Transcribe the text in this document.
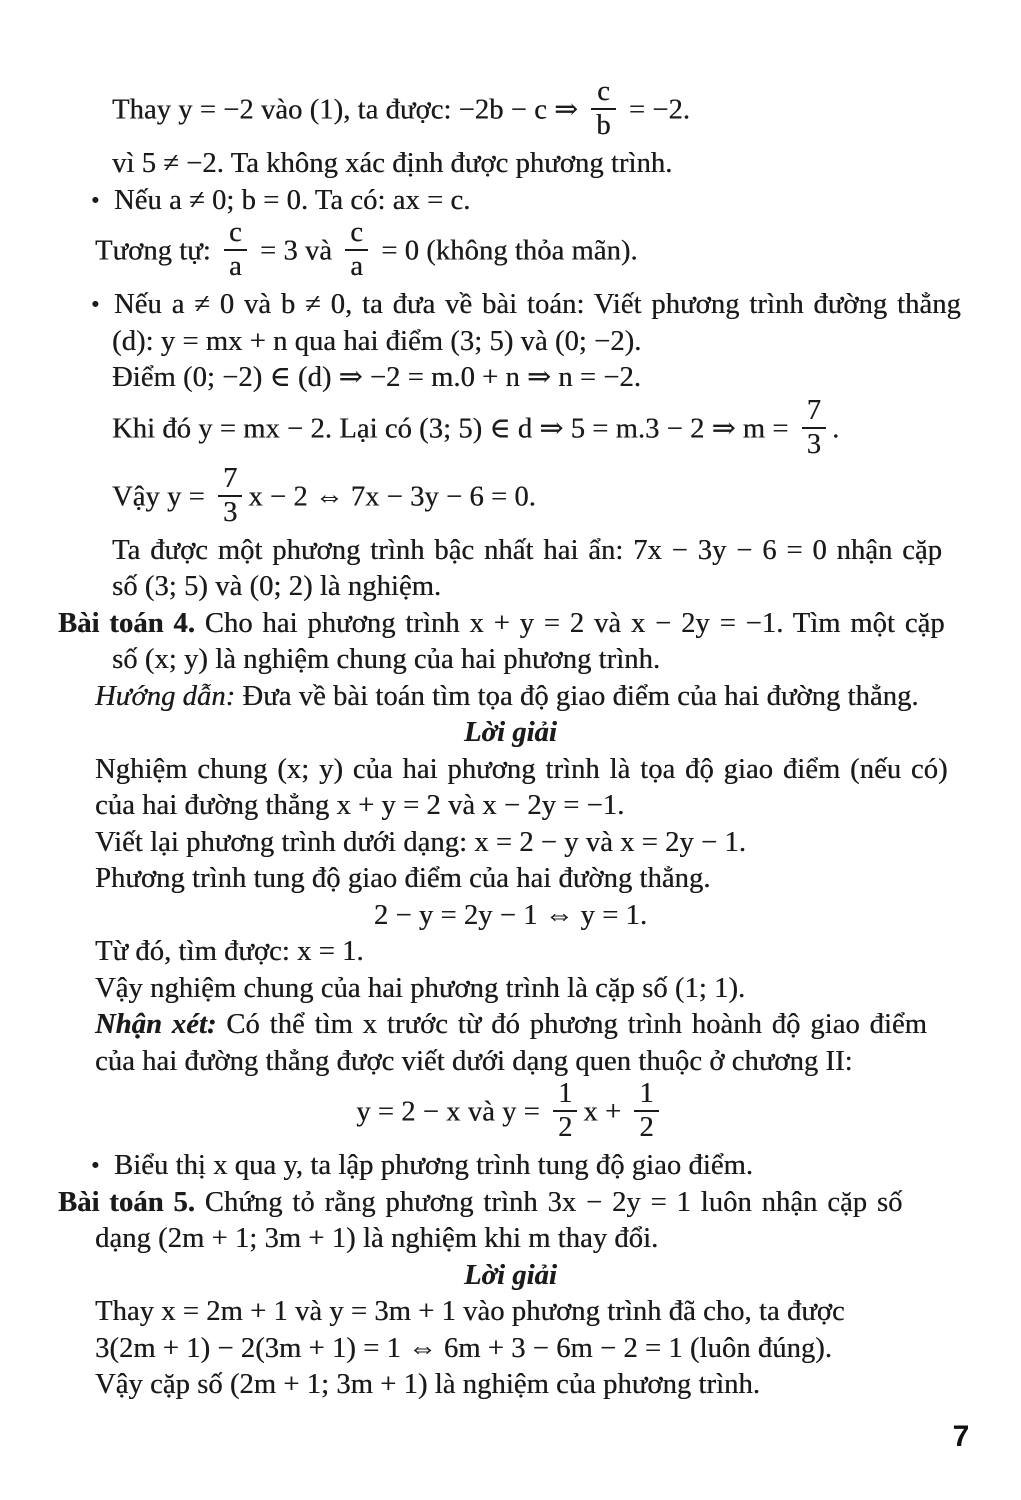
Thay y = −2 vào (1), ta được: −2b − c ⇒ $\frac{c}{b} = -2$.
vì 5 ≠ −2. Ta không xác định được phương trình.
• Nếu a ≠ 0; b = 0. Ta có: ax = c.
Tương tự: $\frac{c}{a} = 3$ và $\frac{c}{a} = 0$ (không thỏa mãn).
• Nếu a ≠ 0 và b ≠ 0, ta đưa về bài toán: Viết phương trình đường thẳng
(d): y = mx + n qua hai điểm (3; 5) và (0; −2).
Điểm (0; −2) ∈ (d) ⇒ −2 = m.0 + n ⇒ n = −2.
Khi đó y = mx − 2. Lại có (3; 5) ∈ d ⇒ 5 = m.3 − 2 ⇒ $m = \frac{7}{3}$ .
Vậy $y = \frac{7}{3}$ x − 2 ⇔ 7x − 3y − 6 = 0.
Ta được một phương trình bậc nhất hai ẩn: 7x − 3y − 6 = 0 nhận cặp
số (3; 5) và (0; 2) là nghiệm.
Bài toán 4. Cho hai phương trình x + y = 2 và x − 2y = −1. Tìm một cặp
số (x; y) là nghiệm chung của hai phương trình.
Hướng dẫn: Đưa về bài toán tìm tọa độ giao điểm của hai đường thẳng.
Lời giải
Nghiệm chung (x; y) của hai phương trình là tọa độ giao điểm (nếu có)
của hai đường thẳng x + y = 2 và x − 2y = −1.
Viết lại phương trình dưới dạng: x = 2 − y và x = 2y − 1.
Phương trình tung độ giao điểm của hai đường thẳng.
2 − y = 2y − 1 ⇔ y = 1.
Từ đó, tìm được: x = 1.
Vậy nghiệm chung của hai phương trình là cặp số (1; 1).
Nhận xét: Có thể tìm x trước từ đó phương trình hoành độ giao điểm
của hai đường thẳng được viết dưới dạng quen thuộc ở chương II:
y = 2 − x và $y = \frac{1}{2}$ $x + \frac{1}{2}$
• Biểu thị x qua y, ta lập phương trình tung độ giao điểm.
Bài toán 5. Chứng tỏ rằng phương trình 3x − 2y = 1 luôn nhận cặp số
dạng (2m + 1; 3m + 1) là nghiệm khi m thay đổi.
Lời giải
Thay x = 2m + 1 và y = 3m + 1 vào phương trình đã cho, ta được
3(2m + 1) − 2(3m + 1) = 1 ⇔ 6m + 3 − 6m − 2 = 1 (luôn đúng).
Vậy cặp số (2m + 1; 3m + 1) là nghiệm của phương trình.
7
